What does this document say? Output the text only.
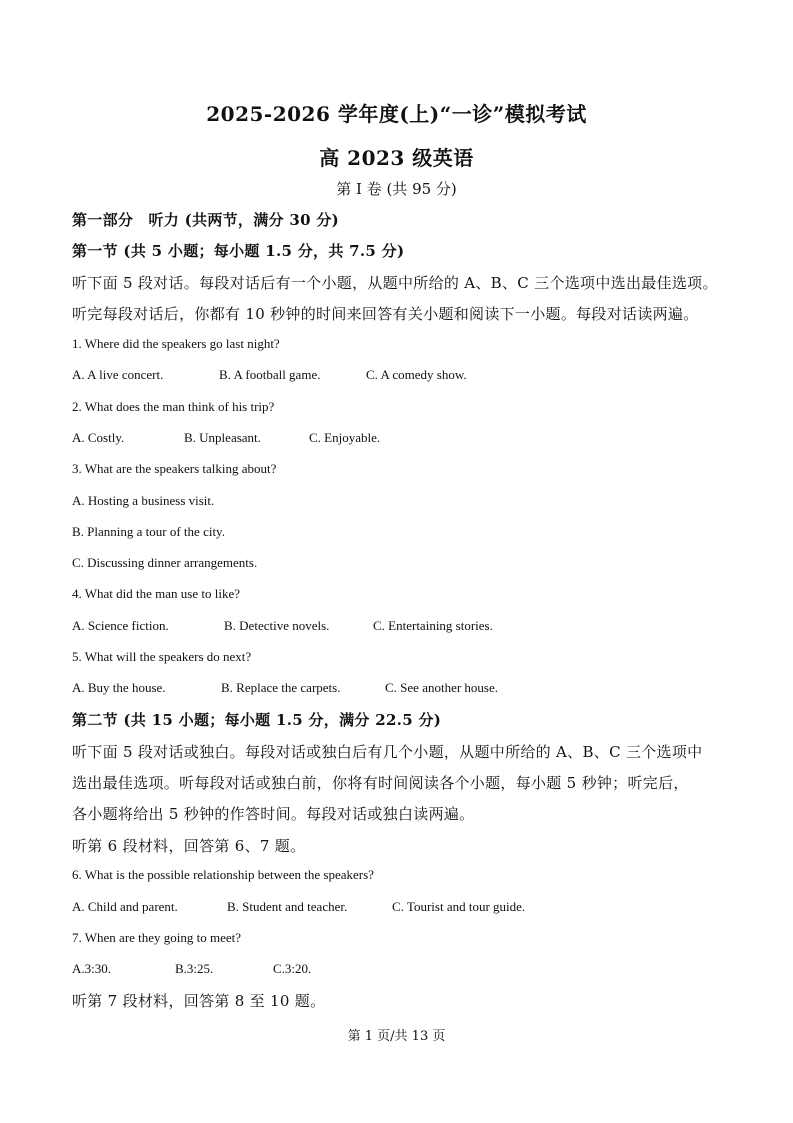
2025-2026 学年度(上)“一诊”模拟考试
高 2023 级英语
第 I 卷 (共 95 分)
第一部分　听力 (共两节，满分 30 分)
第一节 (共 5 小题；每小题 1.5 分，共 7.5 分)
听下面 5 段对话。每段对话后有一个小题，从题中所给的 A、B、C 三个选项中选出最佳选项。
听完每段对话后，你都有 10 秒钟的时间来回答有关小题和阅读下一小题。每段对话读两遍。
1. Where did the speakers go last night?
A. A live concert.	B. A football game.	C. A comedy show.
2. What does the man think of his trip?
A. Costly.	B. Unpleasant.	C. Enjoyable.
3. What are the speakers talking about?
A. Hosting a business visit.
B. Planning a tour of the city.
C. Discussing dinner arrangements.
4. What did the man use to like?
A. Science fiction.	B. Detective novels.	C. Entertaining stories.
5. What will the speakers do next?
A. Buy the house.	B. Replace the carpets.	C. See another house.
第二节 (共 15 小题；每小题 1.5 分，满分 22.5 分)
听下面 5 段对话或独白。每段对话或独白后有几个小题，从题中所给的 A、B、C 三个选项中
选出最佳选项。听每段对话或独白前，你将有时间阅读各个小题，每小题 5 秒钟；听完后，
各小题将给出 5 秒钟的作答时间。每段对话或独白读两遍。
听第 6 段材料，回答第 6、7 题。
6. What is the possible relationship between the speakers?
A. Child and parent.	B. Student and teacher.	C. Tourist and tour guide.
7. When are they going to meet?
A.3:30.	B.3:25.	C.3:20.
听第 7 段材料，回答第 8 至 10 题。
第 1 页/共 13 页
